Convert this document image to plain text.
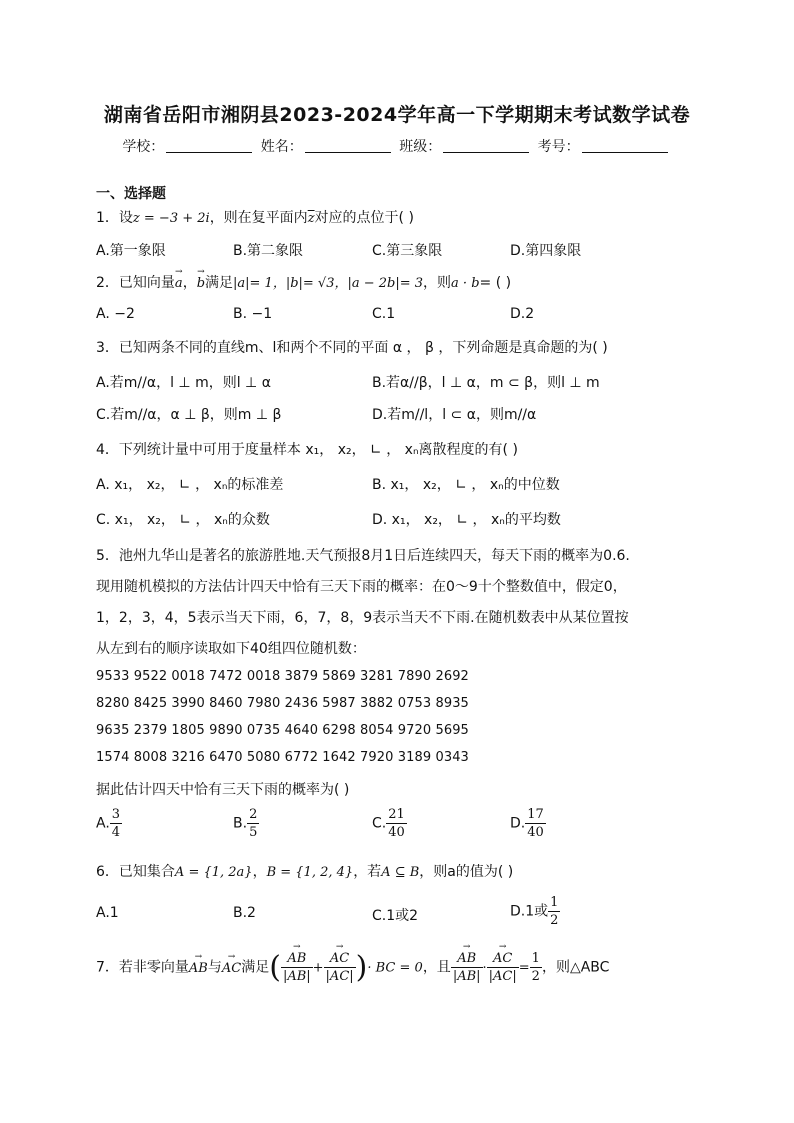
湖南省岳阳市湘阴县2023-2024学年高一下学期期末考试数学试卷
学校：	姓名：	班级：	考号：
一、选择题
1．设z = −3 + 2i，则在复平面内$\overline{z}$对应的点位于( )
A.第一象限	B.第二象限	C.第三象限	D.第四象限
2．已知向量→ a，→ b满足|a|= 1，|b|= √3，|a − 2b|= 3，则a · b= ( )
A. −2	B. −1	C.1	D.2
3．已知两条不同的直线m、l和两个不同的平面 α ， β ，下列命题是真命题的为( )
A.若m//α，l ⊥ m，则l ⊥ α	B.若α//β，l ⊥ α，m ⊂ β，则l ⊥ m
C.若m//α，α ⊥ β，则m ⊥ β	D.若m//l，l ⊂ α，则m//α
4．下列统计量中可用于度量样本 x₁， x₂， ∟ ， xₙ离散程度的有( )
A. x₁， x₂， ∟ ， xₙ的标准差	B. x₁， x₂， ∟ ， xₙ的中位数
C. x₁， x₂， ∟ ， xₙ的众数	D. x₁， x₂， ∟ ， xₙ的平均数
5．池州九华山是著名的旅游胜地.天气预报8月1日后连续四天，每天下雨的概率为0.6.
现用随机模拟的方法估计四天中恰有三天下雨的概率：在0～9十个整数值中，假定0，
1，2，3，4，5表示当天下雨，6，7，8，9表示当天不下雨.在随机数表中从某位置按
从左到右的顺序读取如下40组四位随机数：
9533 9522 0018 7472 0018 3879 5869 3281 7890 2692
8280 8425 3990 8460 7980 2436 5987 3882 0753 8935
9635 2379 1805 9890 0735 4640 6298 8054 9720 5695
1574 8008 3216 6470 5080 6772 1642 7920 3189 0343
据此估计四天中恰有三天下雨的概率为( )
A. $\frac{3}{4}$	B. $\frac{2}{5}$	C. $\frac{21}{40}$	D. $\frac{17}{40}$
6．已知集合A = {1, 2a}，B = {1, 2, 4}，若A ⊆ B，则a的值为( )
A.1	B.2	C.1或2	D.1或 $\frac{1}{2}$
7．若非零向量→ AB与→ AC满足( → $\frac{AB}{|AB|}$ + → $\frac{AC}{|AC|}$ )· BC = 0，且 → $\frac{AB}{|AB|}$ · → $\frac{AC}{|AC|} = \frac{1}{2}$ ，则△ABC
